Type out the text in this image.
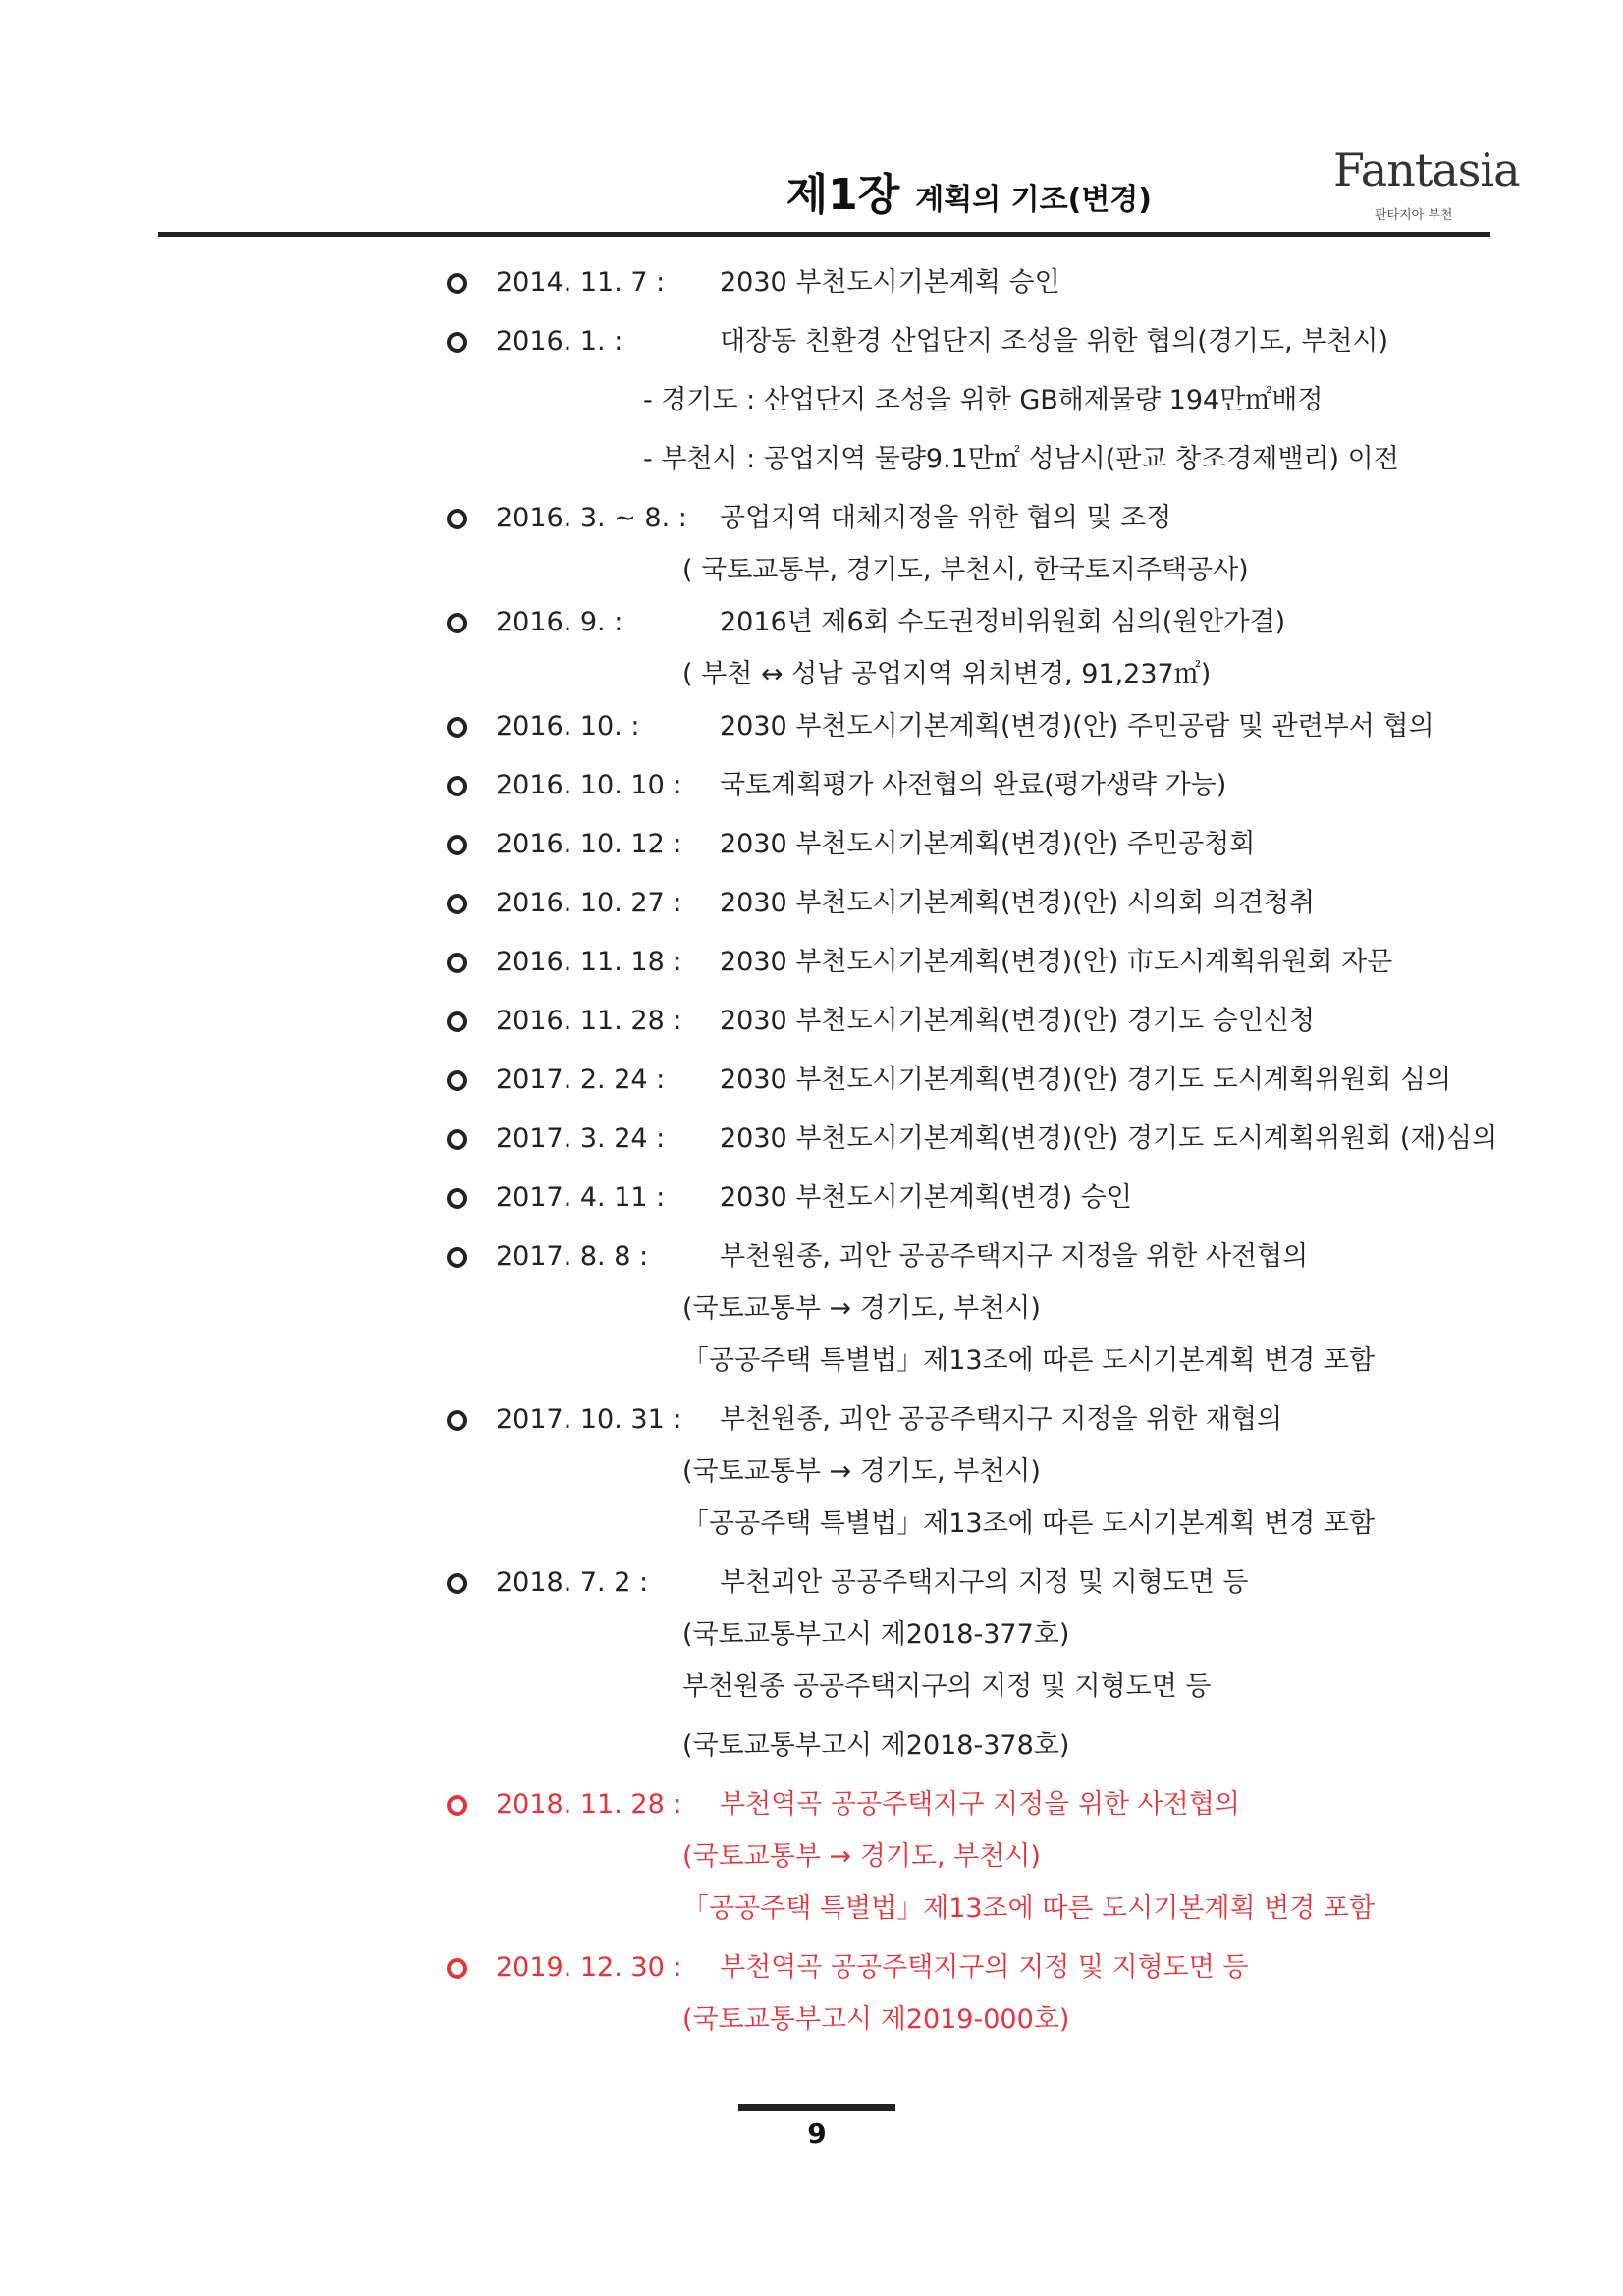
제1장 계획의 기조(변경)
Fantasia
판타지아 부천
2014. 11. 7 : 2030 부천도시기본계획 승인
2016. 1. :	대장동 친환경 산업단지 조성을 위한 협의(경기도, 부천시)
- 경기도 : 산업단지 조성을 위한 GB해제물량 194만㎡배정
- 부천시 : 공업지역 물량9.1만㎡ 성남시(판교 창조경제밸리) 이전
2016. 3. ~ 8. : 공업지역 대체지정을 위한 협의 및 조정
( 국토교통부, 경기도, 부천시, 한국토지주택공사)
2016. 9. :	2016년 제6회 수도권정비위원회 심의(원안가결)
( 부천 ↔ 성남 공업지역 위치변경, 91,237㎡)
2016. 10. :	2030 부천도시기본계획(변경)(안) 주민공람 및 관련부서 협의
2016. 10. 10 : 국토계획평가 사전협의 완료(평가생략 가능)
2016. 10. 12 : 2030 부천도시기본계획(변경)(안) 주민공청회
2016. 10. 27 : 2030 부천도시기본계획(변경)(안) 시의회 의견청취
2016. 11. 18 : 2030 부천도시기본계획(변경)(안) 市도시계획위원회 자문
2016. 11. 28 : 2030 부천도시기본계획(변경)(안) 경기도 승인신청
2017. 2. 24 : 2030 부천도시기본계획(변경)(안) 경기도 도시계획위원회 심의
2017. 3. 24 : 2030 부천도시기본계획(변경)(안) 경기도 도시계획위원회 (재)심의
2017. 4. 11 : 2030 부천도시기본계획(변경) 승인
2017. 8. 8 :	부천원종, 괴안 공공주택지구 지정을 위한 사전협의
(국토교통부 → 경기도, 부천시)
「공공주택 특별법」제13조에 따른 도시기본계획 변경 포함
2017. 10. 31 : 부천원종, 괴안 공공주택지구 지정을 위한 재협의
(국토교통부 → 경기도, 부천시)
「공공주택 특별법」제13조에 따른 도시기본계획 변경 포함
2018. 7. 2 :	부천괴안 공공주택지구의 지정 및 지형도면 등
(국토교통부고시 제2018-377호)
부천원종 공공주택지구의 지정 및 지형도면 등
(국토교통부고시 제2018-378호)
2018. 11. 28 : 부천역곡 공공주택지구 지정을 위한 사전협의
(국토교통부 → 경기도, 부천시)
「공공주택 특별법」제13조에 따른 도시기본계획 변경 포함
2019. 12. 30 : 부천역곡 공공주택지구의 지정 및 지형도면 등
(국토교통부고시 제2019-000호)
9
